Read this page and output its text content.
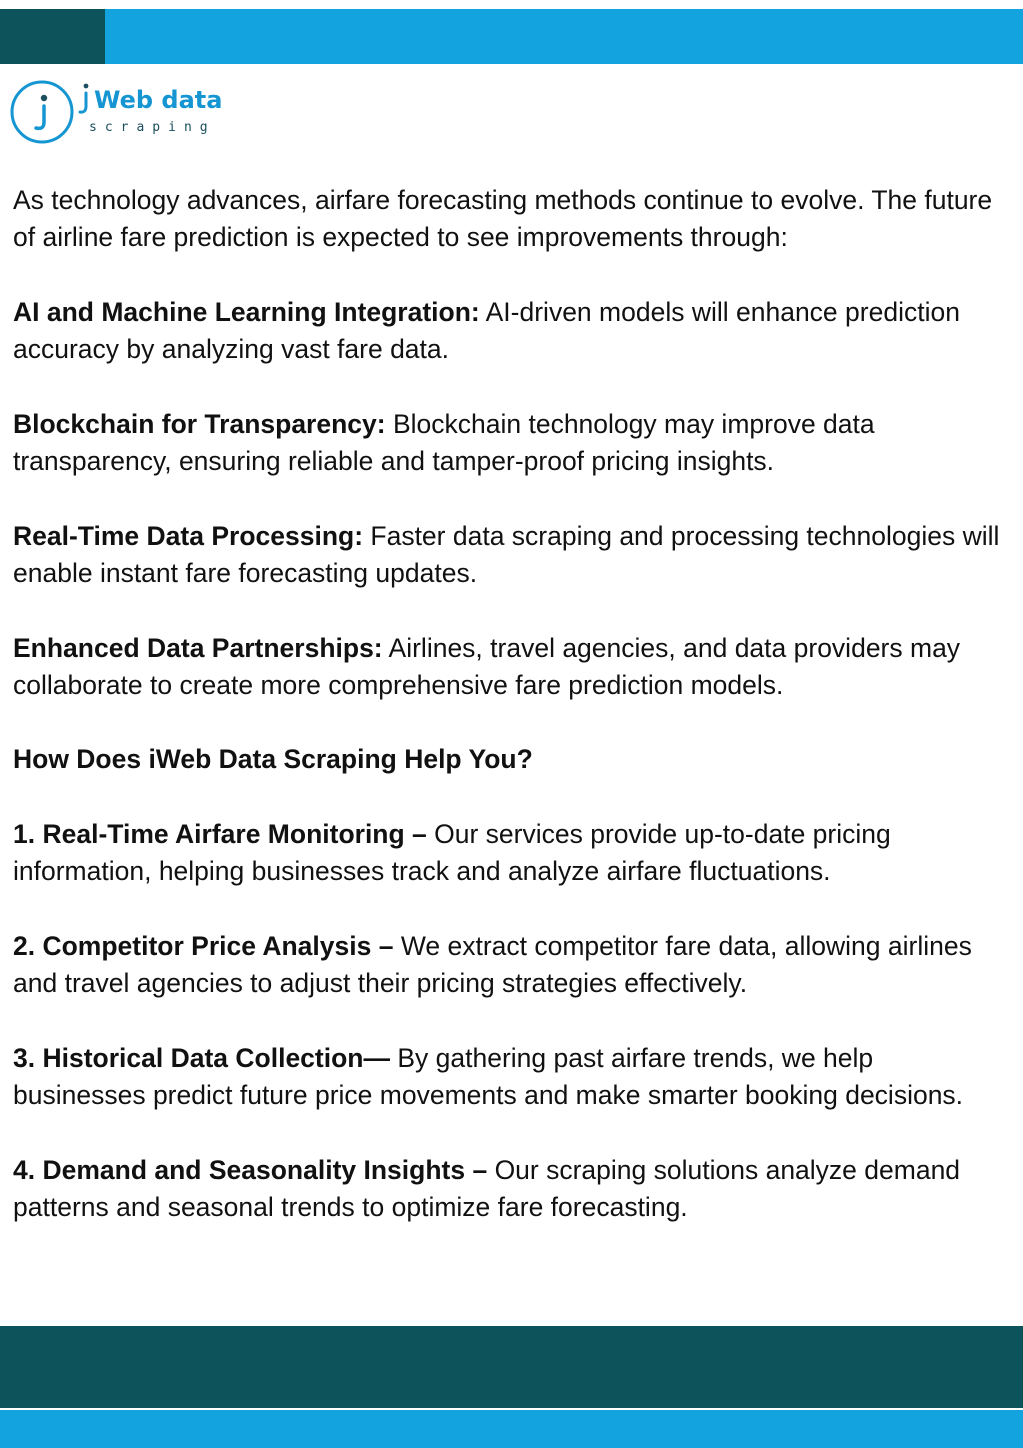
Web data
scraping

As technology advances, airfare forecasting methods continue to evolve. The future of airline fare prediction is expected to see improvements through:

AI and Machine Learning Integration: AI-driven models will enhance prediction accuracy by analyzing vast fare data.

Blockchain for Transparency: Blockchain technology may improve data transparency, ensuring reliable and tamper-proof pricing insights.

Real-Time Data Processing: Faster data scraping and processing technologies will enable instant fare forecasting updates.

Enhanced Data Partnerships: Airlines, travel agencies, and data providers may collaborate to create more comprehensive fare prediction models.

How Does iWeb Data Scraping Help You?

1. Real-Time Airfare Monitoring – Our services provide up-to-date pricing information, helping businesses track and analyze airfare fluctuations.

2. Competitor Price Analysis – We extract competitor fare data, allowing airlines and travel agencies to adjust their pricing strategies effectively.

3. Historical Data Collection— By gathering past airfare trends, we help businesses predict future price movements and make smarter booking decisions.

4. Demand and Seasonality Insights – Our scraping solutions analyze demand patterns and seasonal trends to optimize fare forecasting.
